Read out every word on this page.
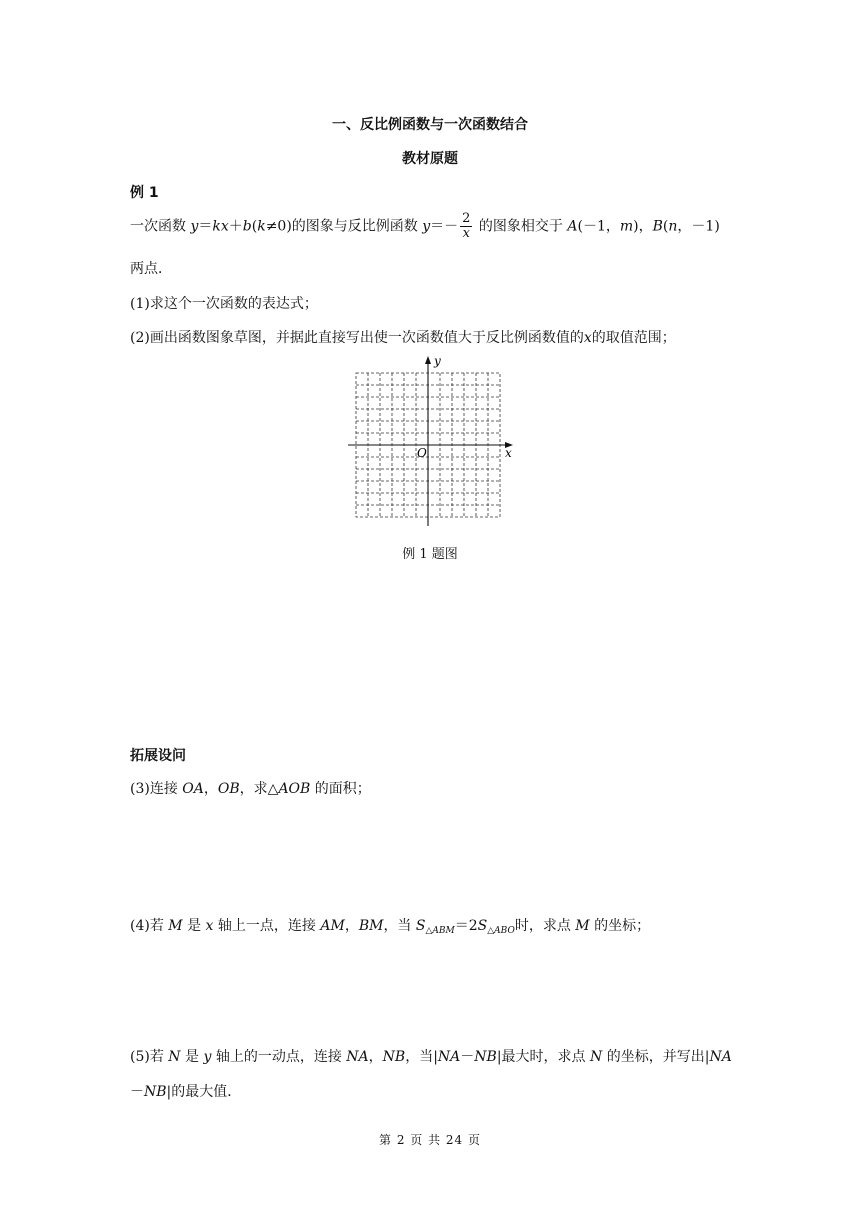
一、反比例函数与一次函数结合
教材原题
例 1
一次函数 y＝kx＋b(k≠0)的图象与反比例函数 $y=- \frac{2}{x}$ 的图象相交于 A(－1，m)，B(n，－1)
两点．
(1)求这个一次函数的表达式；
(2)画出函数图象草图，并据此直接写出使一次函数值大于反比例函数值的x的取值范围；
y
x
O
例 1 题图
拓展设问
(3)连接 OA，OB，求△AOB 的面积；
(4)若 M 是 x 轴上一点，连接 AM，BM，当 $S_{\triangle ABM}=2S_{\triangle ABO}$时，求点 M 的坐标；
(5)若 N 是 y 轴上的一动点，连接 NA，NB，当|NA－NB|最大时，求点 N 的坐标，并写出|NA
－NB|的最大值．
第 2 页 共 24 页
